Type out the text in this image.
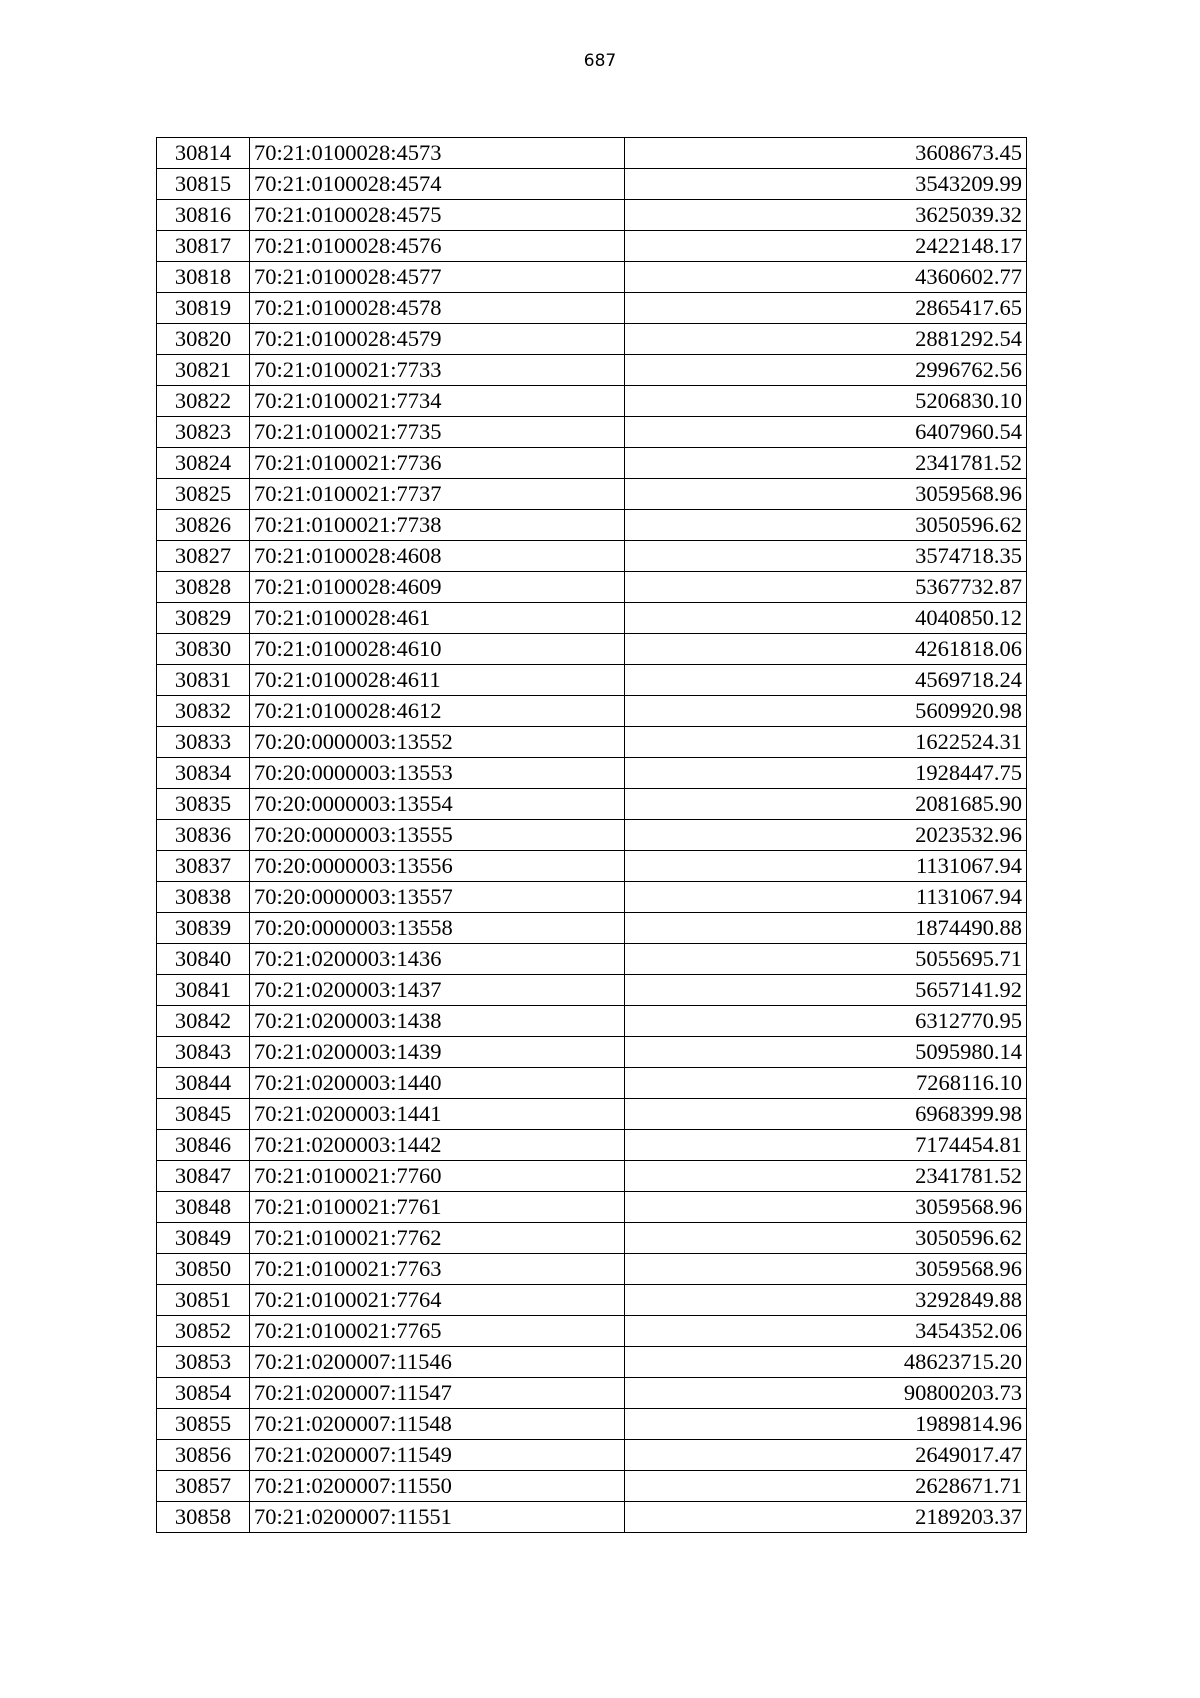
687
30814	70:21:0100028:4573	3608673.45
30815	70:21:0100028:4574	3543209.99
30816	70:21:0100028:4575	3625039.32
30817	70:21:0100028:4576	2422148.17
30818	70:21:0100028:4577	4360602.77
30819	70:21:0100028:4578	2865417.65
30820	70:21:0100028:4579	2881292.54
30821	70:21:0100021:7733	2996762.56
30822	70:21:0100021:7734	5206830.10
30823	70:21:0100021:7735	6407960.54
30824	70:21:0100021:7736	2341781.52
30825	70:21:0100021:7737	3059568.96
30826	70:21:0100021:7738	3050596.62
30827	70:21:0100028:4608	3574718.35
30828	70:21:0100028:4609	5367732.87
30829	70:21:0100028:461	4040850.12
30830	70:21:0100028:4610	4261818.06
30831	70:21:0100028:4611	4569718.24
30832	70:21:0100028:4612	5609920.98
30833	70:20:0000003:13552	1622524.31
30834	70:20:0000003:13553	1928447.75
30835	70:20:0000003:13554	2081685.90
30836	70:20:0000003:13555	2023532.96
30837	70:20:0000003:13556	1131067.94
30838	70:20:0000003:13557	1131067.94
30839	70:20:0000003:13558	1874490.88
30840	70:21:0200003:1436	5055695.71
30841	70:21:0200003:1437	5657141.92
30842	70:21:0200003:1438	6312770.95
30843	70:21:0200003:1439	5095980.14
30844	70:21:0200003:1440	7268116.10
30845	70:21:0200003:1441	6968399.98
30846	70:21:0200003:1442	7174454.81
30847	70:21:0100021:7760	2341781.52
30848	70:21:0100021:7761	3059568.96
30849	70:21:0100021:7762	3050596.62
30850	70:21:0100021:7763	3059568.96
30851	70:21:0100021:7764	3292849.88
30852	70:21:0100021:7765	3454352.06
30853	70:21:0200007:11546	48623715.20
30854	70:21:0200007:11547	90800203.73
30855	70:21:0200007:11548	1989814.96
30856	70:21:0200007:11549	2649017.47
30857	70:21:0200007:11550	2628671.71
30858	70:21:0200007:11551	2189203.37
